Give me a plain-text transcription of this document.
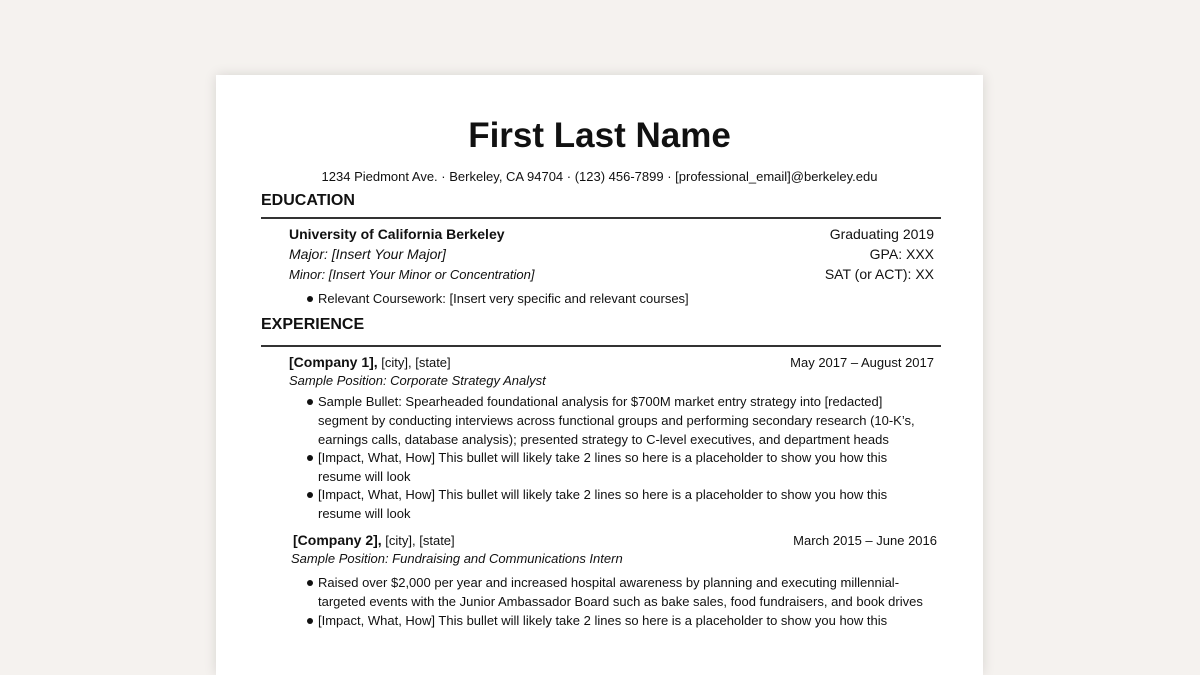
First Last Name
1234 Piedmont Ave. · Berkeley, CA 94704 · (123) 456-7899 · [professional_email]@berkeley.edu
EDUCATION
University of California Berkeley	Graduating 2019
Major: [Insert Your Major]	GPA: XXX
Minor: [Insert Your Minor or Concentration]	SAT (or ACT): XX
Relevant Coursework: [Insert very specific and relevant courses]
EXPERIENCE
[Company 1], [city], [state]	May 2017 – August 2017
Sample Position: Corporate Strategy Analyst
Sample Bullet: Spearheaded foundational analysis for $700M market entry strategy into [redacted]
segment by conducting interviews across functional groups and performing secondary research (10-K’s,
earnings calls, database analysis); presented strategy to C-level executives, and department heads
[Impact, What, How] This bullet will likely take 2 lines so here is a placeholder to show you how this
resume will look
[Impact, What, How] This bullet will likely take 2 lines so here is a placeholder to show you how this
resume will look
[Company 2], [city], [state]	March 2015 – June 2016
Sample Position: Fundraising and Communications Intern
Raised over $2,000 per year and increased hospital awareness by planning and executing millennial-
targeted events with the Junior Ambassador Board such as bake sales, food fundraisers, and book drives
[Impact, What, How] This bullet will likely take 2 lines so here is a placeholder to show you how this
